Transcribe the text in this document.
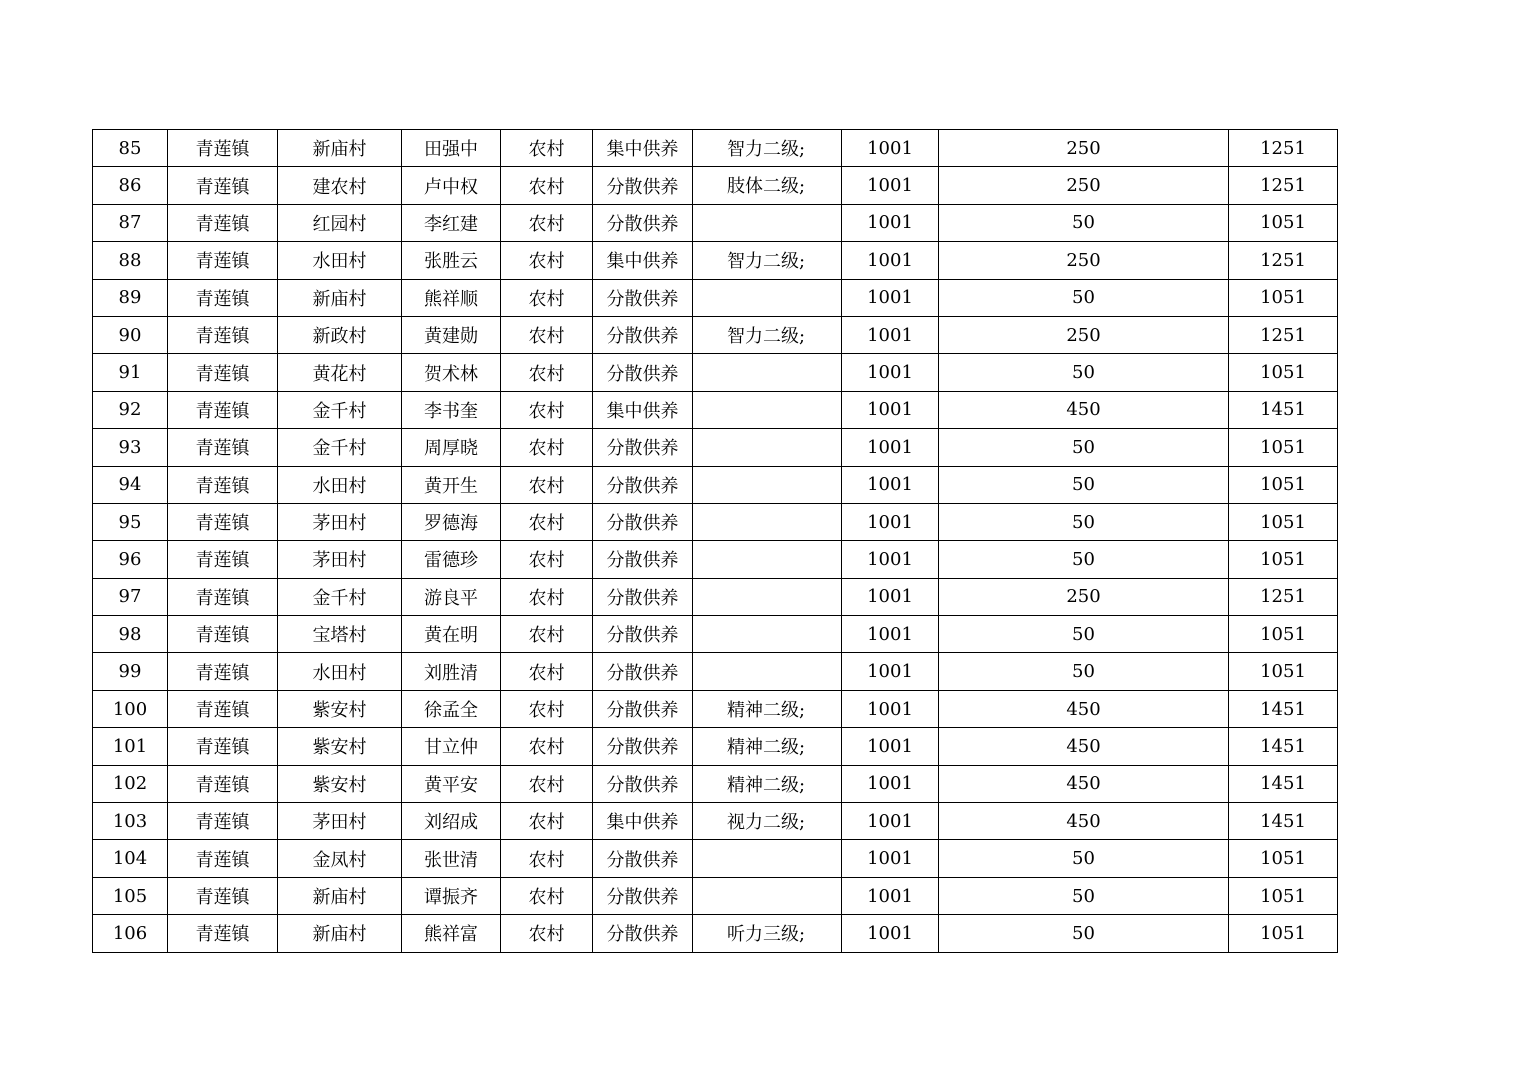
85	青莲镇	新庙村	田强中	农村	集中供养	智力二级;	1001	250	1251
86	青莲镇	建农村	卢中权	农村	分散供养	肢体二级;	1001	250	1251
87	青莲镇	红园村	李红建	农村	分散供养		1001	50	1051
88	青莲镇	水田村	张胜云	农村	集中供养	智力二级;	1001	250	1251
89	青莲镇	新庙村	熊祥顺	农村	分散供养		1001	50	1051
90	青莲镇	新政村	黄建勋	农村	分散供养	智力二级;	1001	250	1251
91	青莲镇	黄花村	贺术林	农村	分散供养		1001	50	1051
92	青莲镇	金千村	李书奎	农村	集中供养		1001	450	1451
93	青莲镇	金千村	周厚晓	农村	分散供养		1001	50	1051
94	青莲镇	水田村	黄开生	农村	分散供养		1001	50	1051
95	青莲镇	茅田村	罗德海	农村	分散供养		1001	50	1051
96	青莲镇	茅田村	雷德珍	农村	分散供养		1001	50	1051
97	青莲镇	金千村	游良平	农村	分散供养		1001	250	1251
98	青莲镇	宝塔村	黄在明	农村	分散供养		1001	50	1051
99	青莲镇	水田村	刘胜清	农村	分散供养		1001	50	1051
100	青莲镇	紫安村	徐孟全	农村	分散供养	精神二级;	1001	450	1451
101	青莲镇	紫安村	甘立仲	农村	分散供养	精神二级;	1001	450	1451
102	青莲镇	紫安村	黄平安	农村	分散供养	精神二级;	1001	450	1451
103	青莲镇	茅田村	刘绍成	农村	集中供养	视力二级;	1001	450	1451
104	青莲镇	金凤村	张世清	农村	分散供养		1001	50	1051
105	青莲镇	新庙村	谭振齐	农村	分散供养		1001	50	1051
106	青莲镇	新庙村	熊祥富	农村	分散供养	听力三级;	1001	50	1051
